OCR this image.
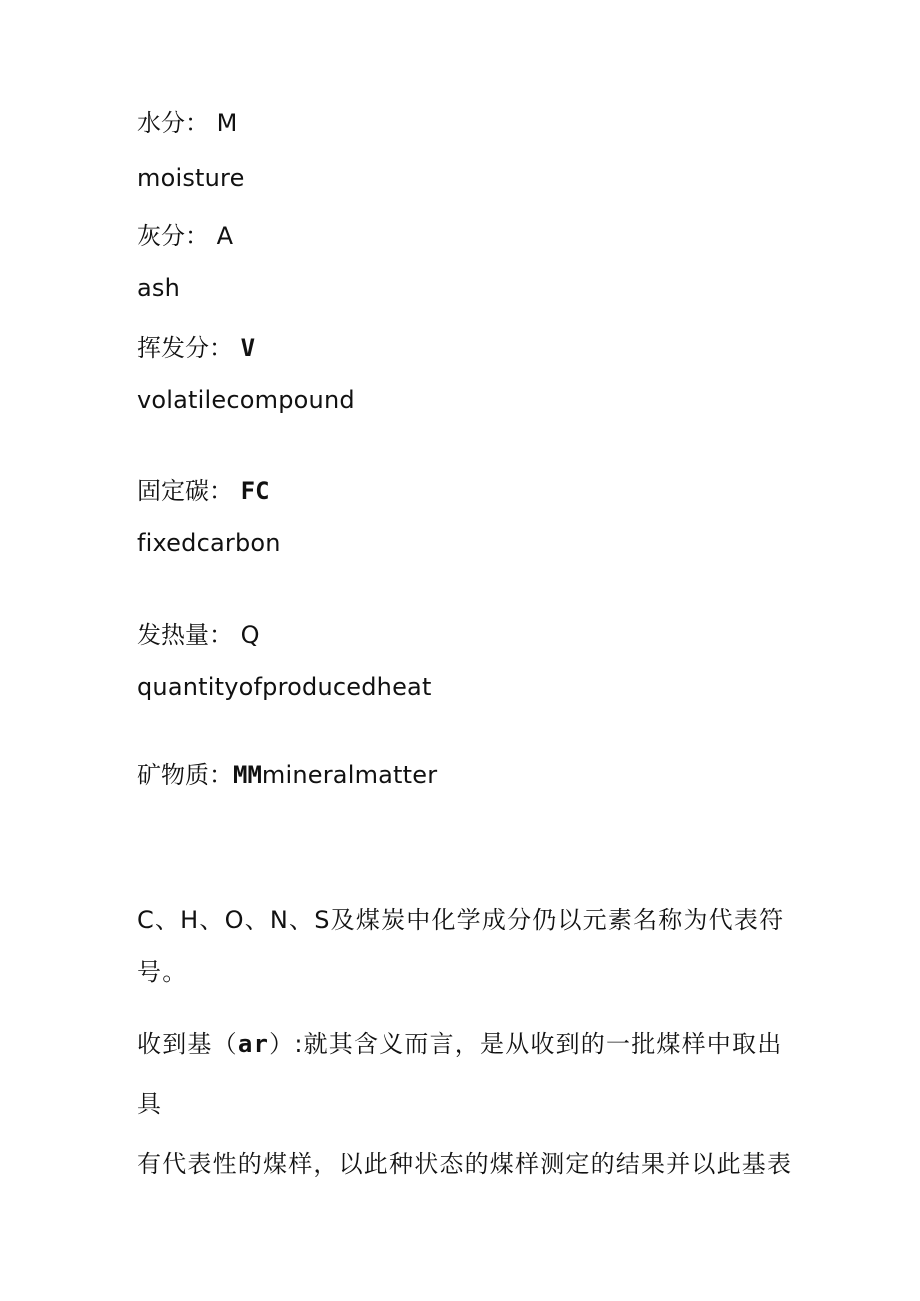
水分： M
moisture
灰分： A
ash
挥发分： V
volatilecompound
固定碳： FC
fixedcarbon
发热量： Q
quantityofproducedheat
矿物质：MMmineralmatter
C、H、O、N、S及煤炭中化学成分仍以元素名称为代表符
号。
收到基（ar）:就其含义而言，是从收到的一批煤样中取出具
有代表性的煤样，以此种状态的煤样测定的结果并以此基表
